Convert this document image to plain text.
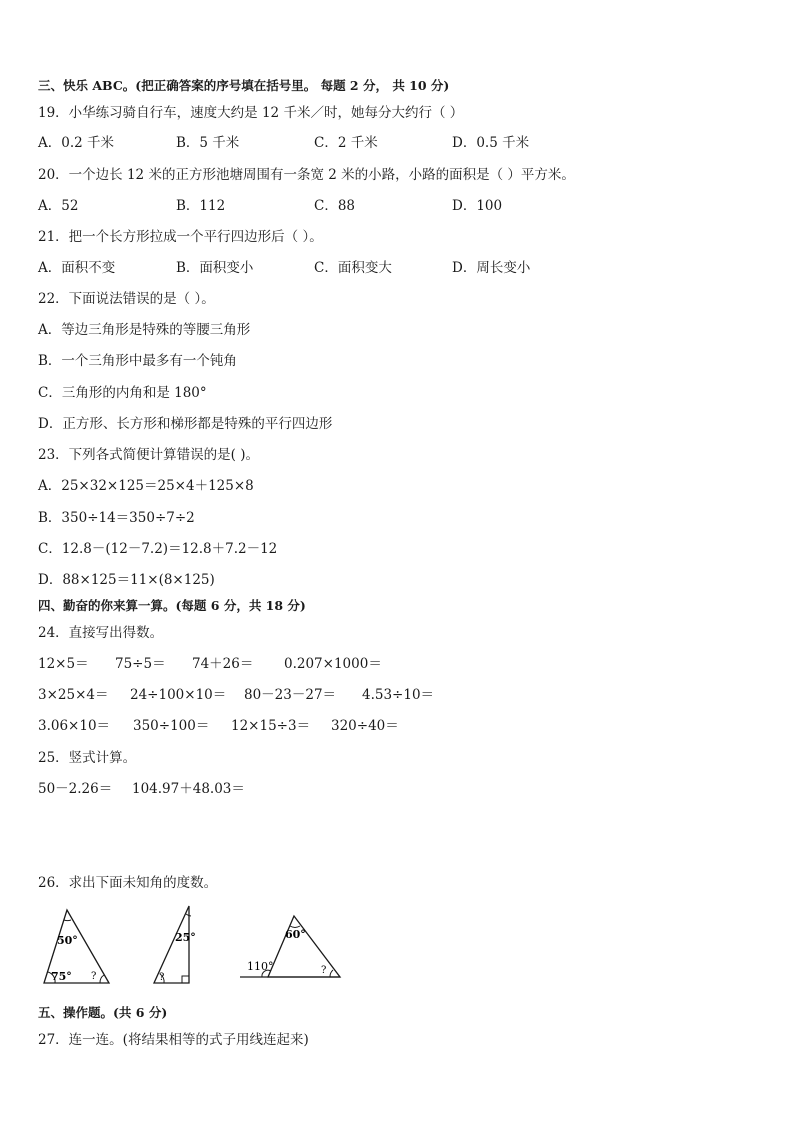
三、快乐 ABC。(把正确答案的序号填在括号里。 每题 2 分， 共 10 分)
19．小华练习骑自行车，速度大约是 12 千米／时，她每分大约行（ ）
A．0.2 千米	B．5 千米	C．2 千米	D．0.5 千米
20．一个边长 12 米的正方形池塘周围有一条宽 2 米的小路，小路的面积是（ ）平方米。
A．52	B．112	C．88	D．100
21．把一个长方形拉成一个平行四边形后（ ）。
A．面积不变	B．面积变小	C．面积变大	D．周长变小
22．下面说法错误的是（ ）。
A．等边三角形是特殊的等腰三角形
B．一个三角形中最多有一个钝角
C．三角形的内角和是 180°
D．正方形、长方形和梯形都是特殊的平行四边形
23．下列各式简便计算错误的是( )。
A．25×32×125＝25×4＋125×8
B．350÷14＝350÷7÷2
C．12.8－(12－7.2)＝12.8＋7.2－12
D．88×125＝11×(8×125)
四、勤奋的你来算一算。(每题 6 分，共 18 分)
24．直接写出得数。
12×5＝ 75÷5＝ 74＋26＝ 0.207×1000＝
3×25×4＝ 24÷100×10＝ 80－23－27＝ 4.53÷10＝
3.06×10＝ 350÷100＝ 12×15÷3＝ 320÷40＝
25．竖式计算。
50－2.26＝ 104.97＋48.03＝
26．求出下面未知角的度数。
50°
75° ?
25°
?
60°
110°	?
五、操作题。(共 6 分)
27．连一连。(将结果相等的式子用线连起来)
